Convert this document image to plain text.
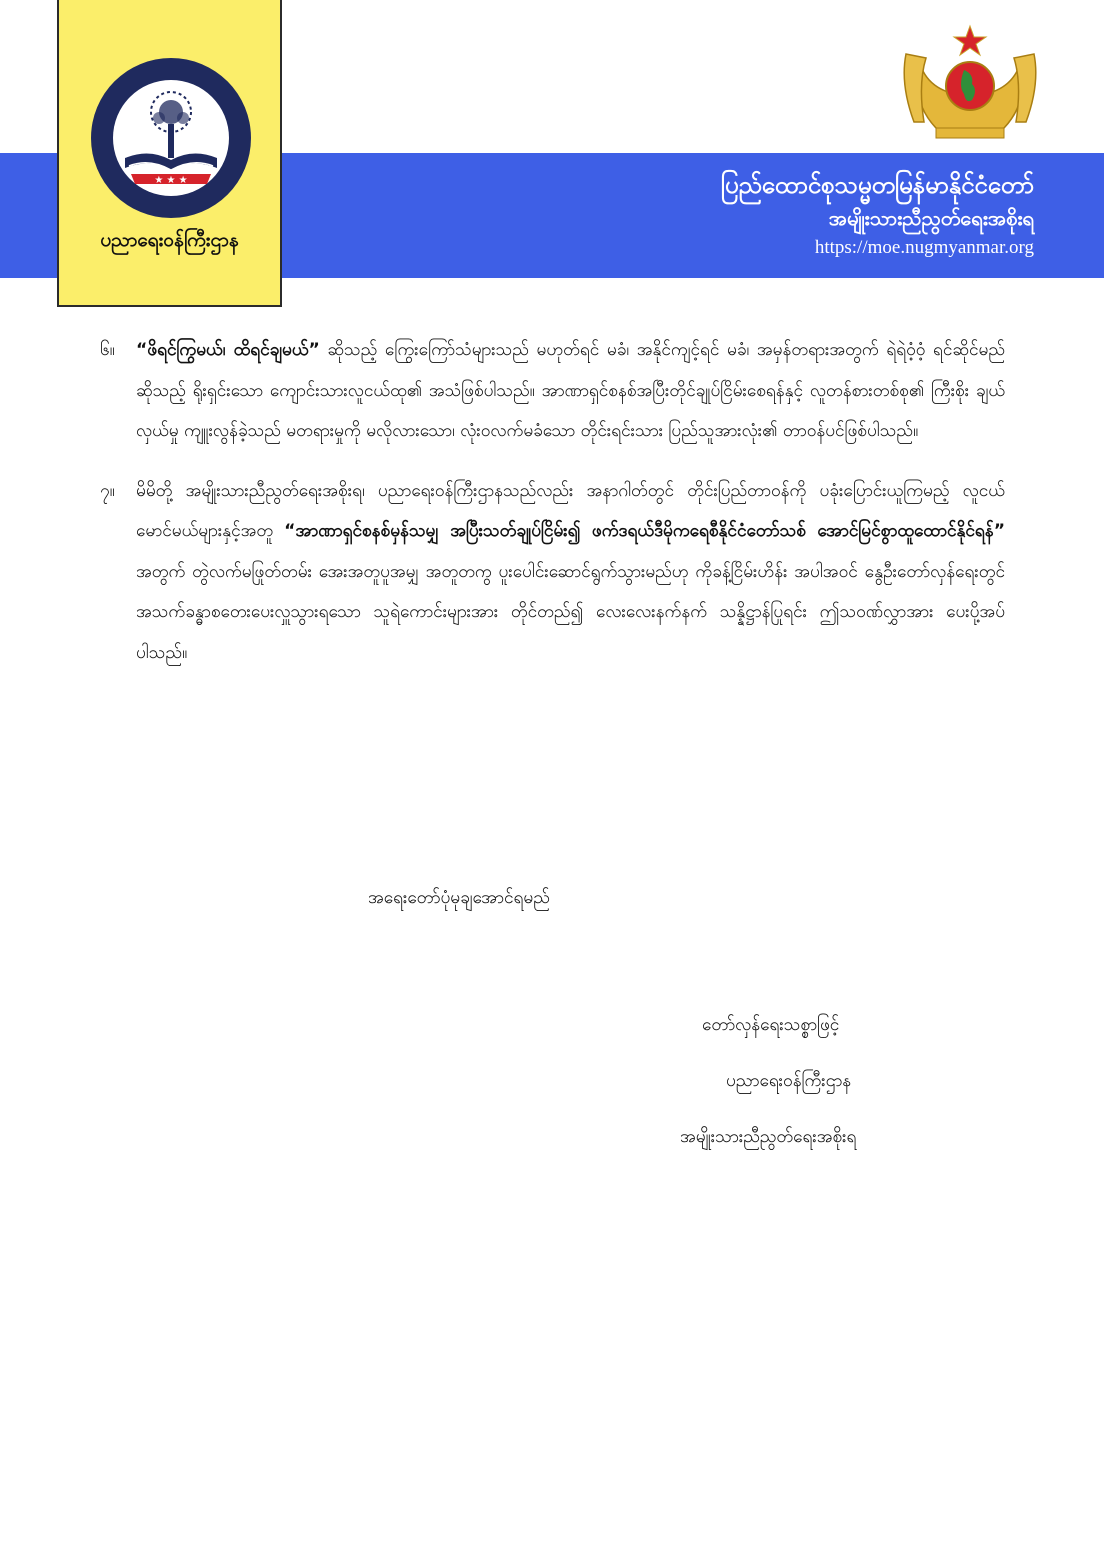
★ ★ ★
ပညာရေးဝန်ကြီးဌာန
ပြည်ထောင်စုသမ္မတမြန်မာနိုင်ငံတော်
အမျိုးသားညီညွတ်ရေးအစိုးရ
https://moe.nugmyanmar.org
၆။	“ဖိရင်ကြွမယ်၊ ထိရင်ချမယ်” ဆိုသည့် ကြွေးကြော်သံများသည် မဟုတ်ရင် မခံ၊ အနိုင်ကျင့်ရင် မခံ၊ အမှန်တရားအတွက် ရဲရဲဝံ့ဝံ့ ရင်ဆိုင်မည် ဆိုသည့် ရိုးရှင်းသော ကျောင်းသားလူငယ်ထု၏ အသံဖြစ်ပါသည်။ အာဏာရှင်စနစ်အပြီးတိုင်ချုပ်ငြိမ်းစေရန်နှင့် လူတန်စားတစ်စု၏ ကြီးစိုး ချယ်လှယ်မှု ကျူးလွန်ခဲ့သည် မတရားမှုကို မလိုလားသော၊ လုံးဝလက်မခံသော တိုင်းရင်းသား ပြည်သူအားလုံး၏ တာဝန်ပင်ဖြစ်ပါသည်။
၇။	မိမိတို့ အမျိုးသားညီညွတ်ရေးအစိုးရ၊ ပညာရေးဝန်ကြီးဌာနသည်လည်း အနာဂါတ်တွင် တိုင်းပြည်တာဝန်ကို ပခုံးပြောင်းယူကြမည့် လူငယ်မောင်မယ်များနှင့်အတူ “အာဏာရှင်စနစ်မှန်သမျှ အပြီးသတ်ချုပ်ငြိမ်း၍ ဖက်ဒရယ်ဒီမိုကရေစီနိုင်ငံတော်သစ် အောင်မြင်စွာထူထောင်နိုင်ရန်” အတွက် တွဲလက်မဖြုတ်တမ်း အေးအတူပူအမျှ အတူတကွ ပူးပေါင်းဆောင်ရွက်သွားမည်ဟု ကိုခန့်ငြိမ်းဟိန်း အပါအဝင် နွေဦးတော်လှန်ရေးတွင် အသက်ခန္ဓာစတေးပေးလှူသွားရသော သူရဲကောင်းများအား တိုင်တည်၍ လေးလေးနက်နက် သန္နိဋ္ဌာန်ပြုရင်း ဤသဝဏ်လွှာအား ပေးပို့အပ်ပါသည်။
အရေးတော်ပုံမုချအောင်ရမည်
တော်လှန်ရေးသစ္စာဖြင့်
ပညာရေးဝန်ကြီးဌာန
အမျိုးသားညီညွတ်ရေးအစိုးရ
